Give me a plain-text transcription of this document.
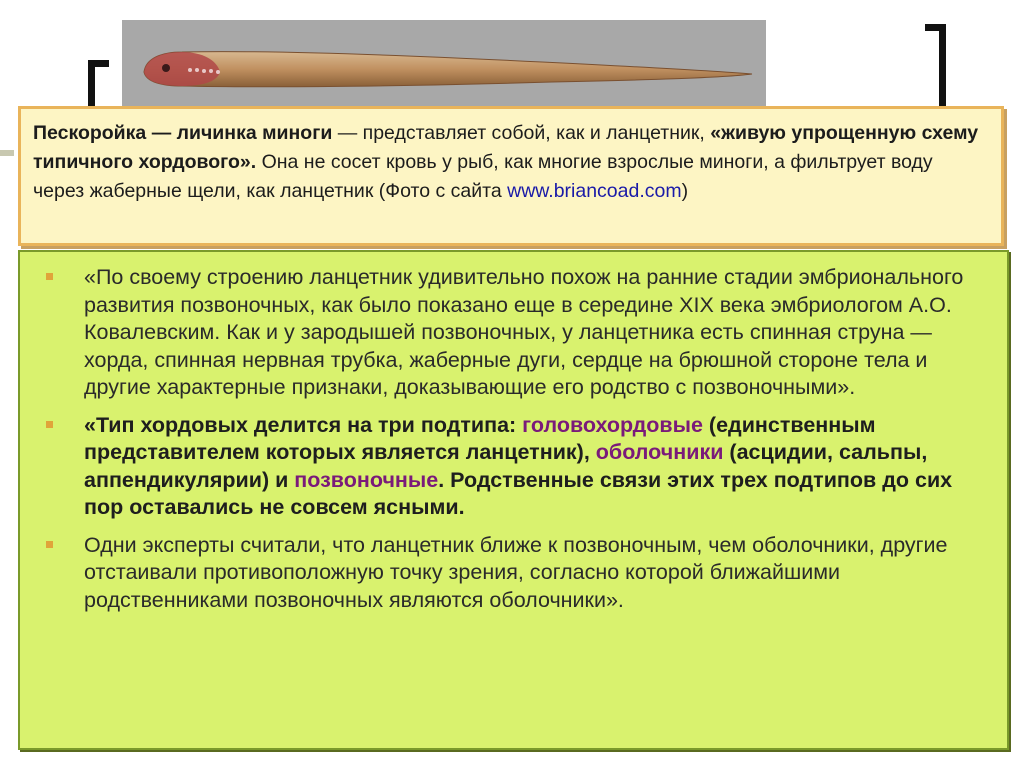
Пескоройка — личинка миноги — представляет собой, как и ланцетник, «живую упрощенную схему типичного хордового». Она не сосет кровь у рыб, как многие взрослые миноги, а фильтрует воду через жаберные щели, как ланцетник (Фото с сайта www.briancoad.com)
«По своему строению ланцетник удивительно похож на ранние стадии эмбрионального развития позвоночных, как было показано еще в середине XIX века эмбриологом А.О. Ковалевским. Как и у зародышей позвоночных, у ланцетника есть спинная струна — хорда, спинная нервная трубка, жаберные дуги, сердце на брюшной стороне тела и другие характерные признаки, доказывающие его родство с позвоночными».
«Тип хордовых делится на три подтипа: головохордовые (единственным представителем которых является ланцетник), оболочники (асцидии, сальпы, аппендикулярии) и позвоночные. Родственные связи этих трех подтипов до сих пор оставались не совсем ясными.
Одни эксперты считали, что ланцетник ближе к позвоночным, чем оболочники, другие отстаивали противоположную точку зрения, согласно которой ближайшими родственниками позвоночных являются оболочники».
